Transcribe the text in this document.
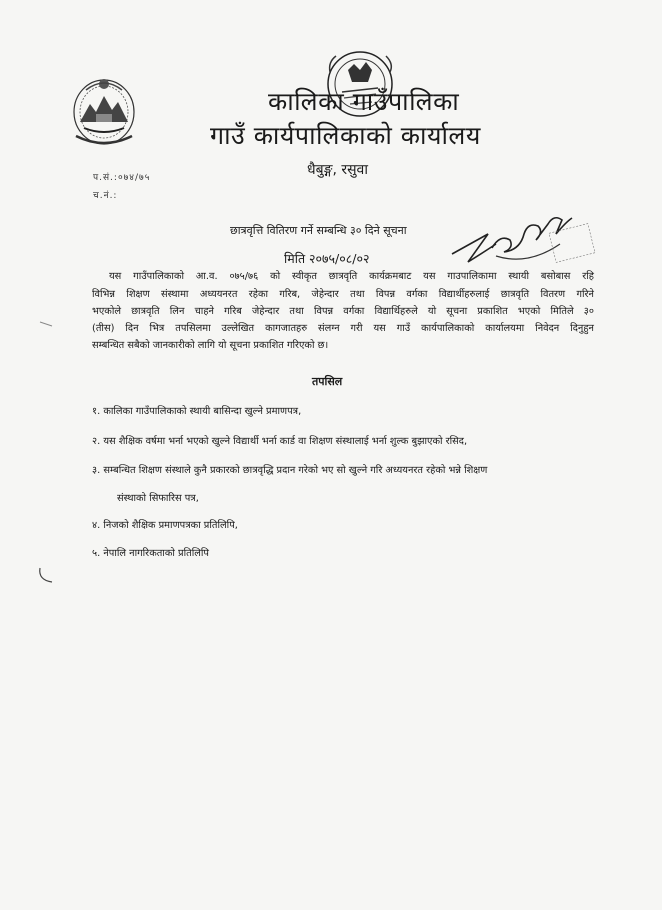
कालिका गाउँपालिका
गाउँ कार्यपालिकाको कार्यालय
धैबुङ्ग, रसुवा
प.सं.:०७४/७५
च.नं.:
छात्रवृत्ति वितिरण गर्ने सम्बन्धि ३० दिने सूचना
मिति २०७५/०८/०२
यस गाउँपालिकाको आ.व. ०७५/७६ को स्वीकृत छात्रवृति कार्यक्रमबाट यस गाउपालिकामा स्थायी बसोबास रहि
विभिन्न शिक्षण संस्थामा अध्ययनरत रहेका गरिब, जेहेन्दार तथा विपन्न वर्गका विद्यार्थीहरुलाई छात्रवृति वितरण गरिने
भएकोले छात्रवृति लिन चाहने गरिब जेहेन्दार तथा विपन्न वर्गका विद्यार्थिहरुले यो सूचना प्रकाशित भएको मितिले ३०
(तीस) दिन भित्र तपसिलमा उल्लेखित कागजातहरु संलग्न गरी यस गाउँ कार्यपालिकाको कार्यालयमा निवेदन दिनुहुन
सम्बन्धित सबैको जानकारीको लागि यो सूचना प्रकाशित गरिएको छ।
तपसिल
१. कालिका गाउँपालिकाको स्थायी बासिन्दा खुल्ने प्रमाणपत्र,
२. यस शैक्षिक वर्षमा भर्ना भएको खुल्ने विद्यार्थी भर्ना कार्ड वा शिक्षण संस्थालाई भर्ना शुल्क बुझाएको रसिद,
३. सम्बन्धित शिक्षण संस्थाले कुनै प्रकारको छात्रवृद्धि प्रदान गरेको भए सो खुल्ने गरि अध्ययनरत रहेको भन्ने शिक्षण
संस्थाको सिफारिस पत्र,
४. निजको शैक्षिक प्रमाणपत्रका प्रतिलिपि,
५. नेपालि नागरिकताको प्रतिलिपि
